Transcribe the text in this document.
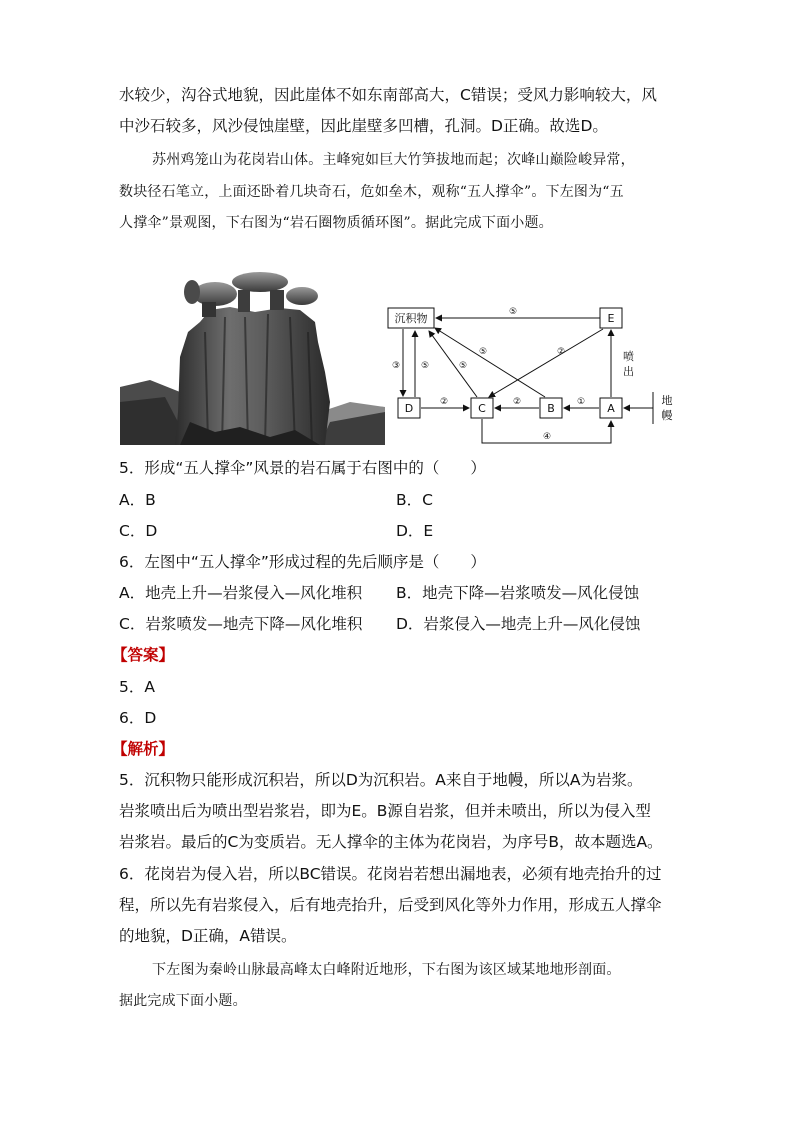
水较少，沟谷式地貌，因此崖体不如东南部高大，C错误；受风力影响较大，风
中沙石较多，风沙侵蚀崖壁，因此崖壁多凹槽，孔洞。D正确。故选D。
苏州鸡笼山为花岗岩山体。主峰宛如巨大竹笋拔地而起；次峰山巅险峻异常，
数块径石笔立，上面还卧着几块奇石，危如垒木，观称“五人撑伞”。下左图为“五
人撑伞”景观图，下右图为“岩石圈物质循环图”。据此完成下面小题。
沉积物	E
D	C	B	A
⑤
③ ⑤	⑤
⑤	②
②	②	①
喷
出
④
地
幔
5．形成“五人撑伞”风景的岩石属于右图中的（　　）
A．B	B．C
C．D	D．E
6．左图中“五人撑伞”形成过程的先后顺序是（　　）
A．地壳上升—岩浆侵入—风化堆积 B．地壳下降—岩浆喷发—风化侵蚀
C．岩浆喷发—地壳下降—风化堆积 D．岩浆侵入—地壳上升—风化侵蚀
【答案】
5．A
6．D
【解析】
5．沉积物只能形成沉积岩，所以D为沉积岩。A来自于地幔，所以A为岩浆。
岩浆喷出后为喷出型岩浆岩，即为E。B源自岩浆，但并未喷出，所以为侵入型
岩浆岩。最后的C为变质岩。无人撑伞的主体为花岗岩，为序号B，故本题选A。
6．花岗岩为侵入岩，所以BC错误。花岗岩若想出漏地表，必须有地壳抬升的过
程，所以先有岩浆侵入，后有地壳抬升，后受到风化等外力作用，形成五人撑伞
的地貌，D正确，A错误。
下左图为秦岭山脉最高峰太白峰附近地形，下右图为该区域某地地形剖面。
据此完成下面小题。
